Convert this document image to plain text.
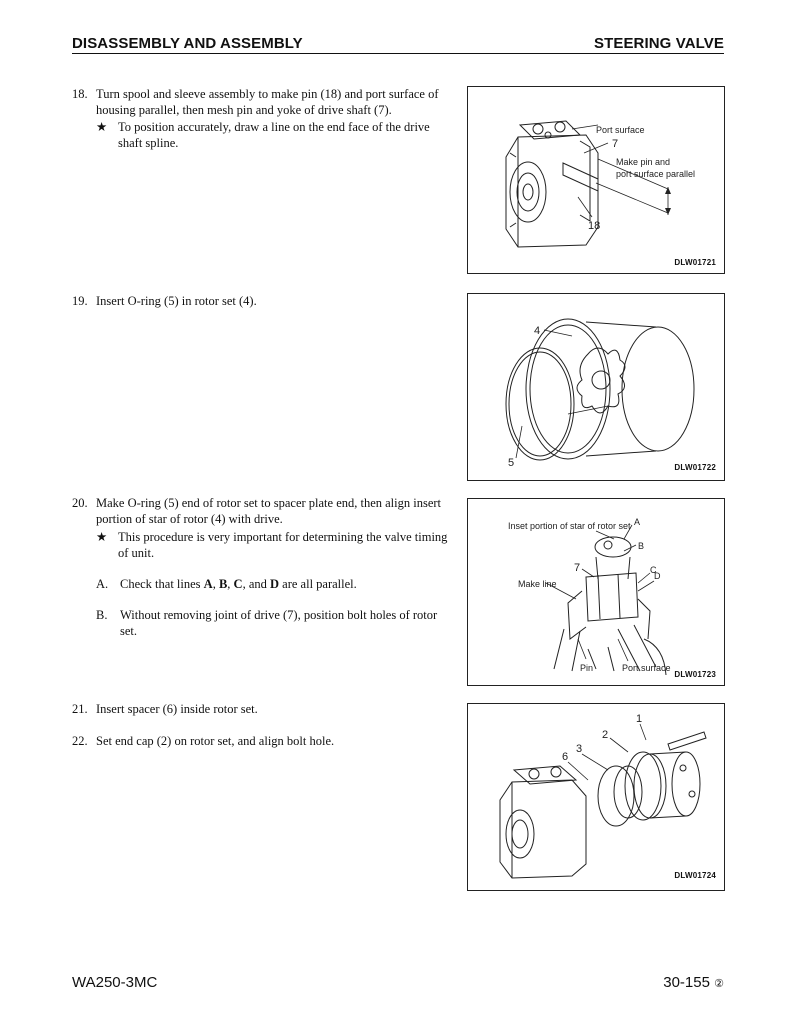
DISASSEMBLY AND ASSEMBLY	STEERING VALVE
18. Turn spool and sleeve assembly to make pin (18) and port surface of
housing parallel, then mesh pin and yoke of drive shaft (7).
★ To position accurately, draw a line on the end face of the drive
shaft spline.
19. Insert O-ring (5) in rotor set (4).
20. Make O-ring (5) end of rotor set to spacer plate end, then align insert
portion of star of rotor (4) with drive.
★ This procedure is very important for determining the valve timing
of unit.
A. Check that lines A, B, C, and D are all parallel.
B. Without removing joint of drive (7), position bolt holes of rotor
set.
21. Insert spacer (6) inside rotor set.
22. Set end cap (2) on rotor set, and align bolt hole.
Port surface
7
Make pin and
port surface parallel
18
DLW01721
4
5	DLW01722
Inset portion of star of rotor set A
B
7	C
D
Make line
Pin	Port surface
DLW01723
1
2
3
6
DLW01724
WA250-3MC	30-155 ②
